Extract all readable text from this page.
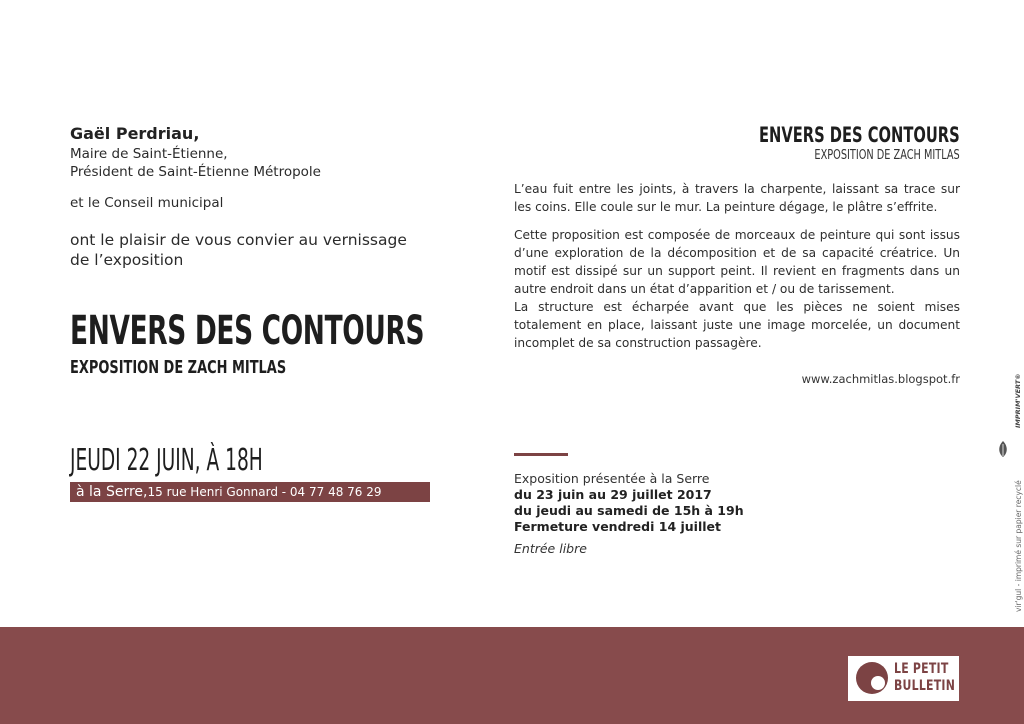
Gaël Perdriau,
Maire de Saint-Étienne,
Président de Saint-Étienne Métropole
et le Conseil municipal
ont le plaisir de vous convier au vernissage
de l’exposition
ENVERS DES CONTOURS
EXPOSITION DE ZACH MITLAS
JEUDI 22 JUIN, À 18H
à la Serre, 15 rue Henri Gonnard - 04 77 48 76 29
ENVERS DES CONTOURS
EXPOSITION DE ZACH MITLAS
L’eau fuit entre les joints, à travers la charpente, laissant sa trace sur les coins. Elle coule sur le mur. La peinture dégage, le plâtre s’effrite.
Cette proposition est composée de morceaux de peinture qui sont issus d’une exploration de la décomposition et de sa capacité créatrice. Un motif est dissipé sur un support peint. Il revient en fragments dans un autre endroit dans un état d’apparition et / ou de tarissement.
La structure est écharpée avant que les pièces ne soient mises totalement en place, laissant juste une image morcelée, un document incomplet de sa construction passagère.
www.zachmitlas.blogspot.fr
Exposition présentée à la Serre
du 23 juin au 29 juillet 2017
du jeudi au samedi de 15h à 19h
Fermeture vendredi 14 juillet
Entrée libre	vir'gul - imprimé sur papier recyclé
IMPRIM'VERT®
LE PETIT
BULLETIN
